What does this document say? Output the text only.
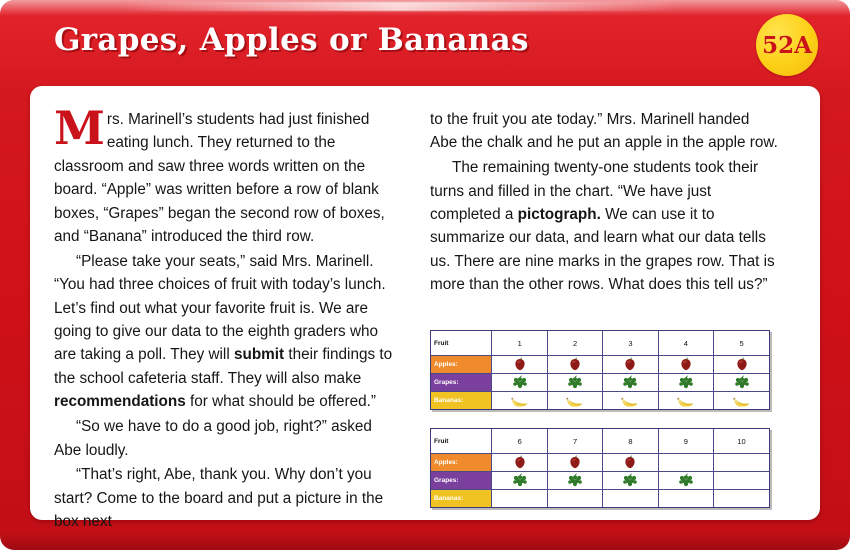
Grapes, Apples or Bananas	52A

Mrs. Marinell’s students had just finished eating lunch. They returned to the classroom and saw three words written on the board. “Apple” was written before a row of blank boxes, “Grapes” began the second row of boxes, and “Banana” introduced the third row.

“Please take your seats,” said Mrs. Marinell. “You had three choices of fruit with today’s lunch. Let’s find out what your favorite fruit is. We are going to give our data to the eighth graders who are taking a poll. They will submit their findings to the school cafeteria staff. They will also make recommendations for what should be offered.”

“So we have to do a good job, right?” asked Abe loudly.

“That’s right, Abe, thank you. Why don’t you start? Come to the board and put a picture in the box next

to the fruit you ate today.” Mrs. Marinell handed Abe the chalk and he put an apple in the apple row.

The remaining twenty-one students took their turns and filled in the chart. “We have just completed a pictograph. We can use it to summarize our data, and learn what our data tells us. There are nine marks in the grapes row. That is more than the other rows. What does this tell us?”

Fruit	1	2	3	4	5
Apples:	

Grapes:	

Bananas:	

Fruit	6	7	8	9	10
Apples:	

Grapes:	

Bananas:					
